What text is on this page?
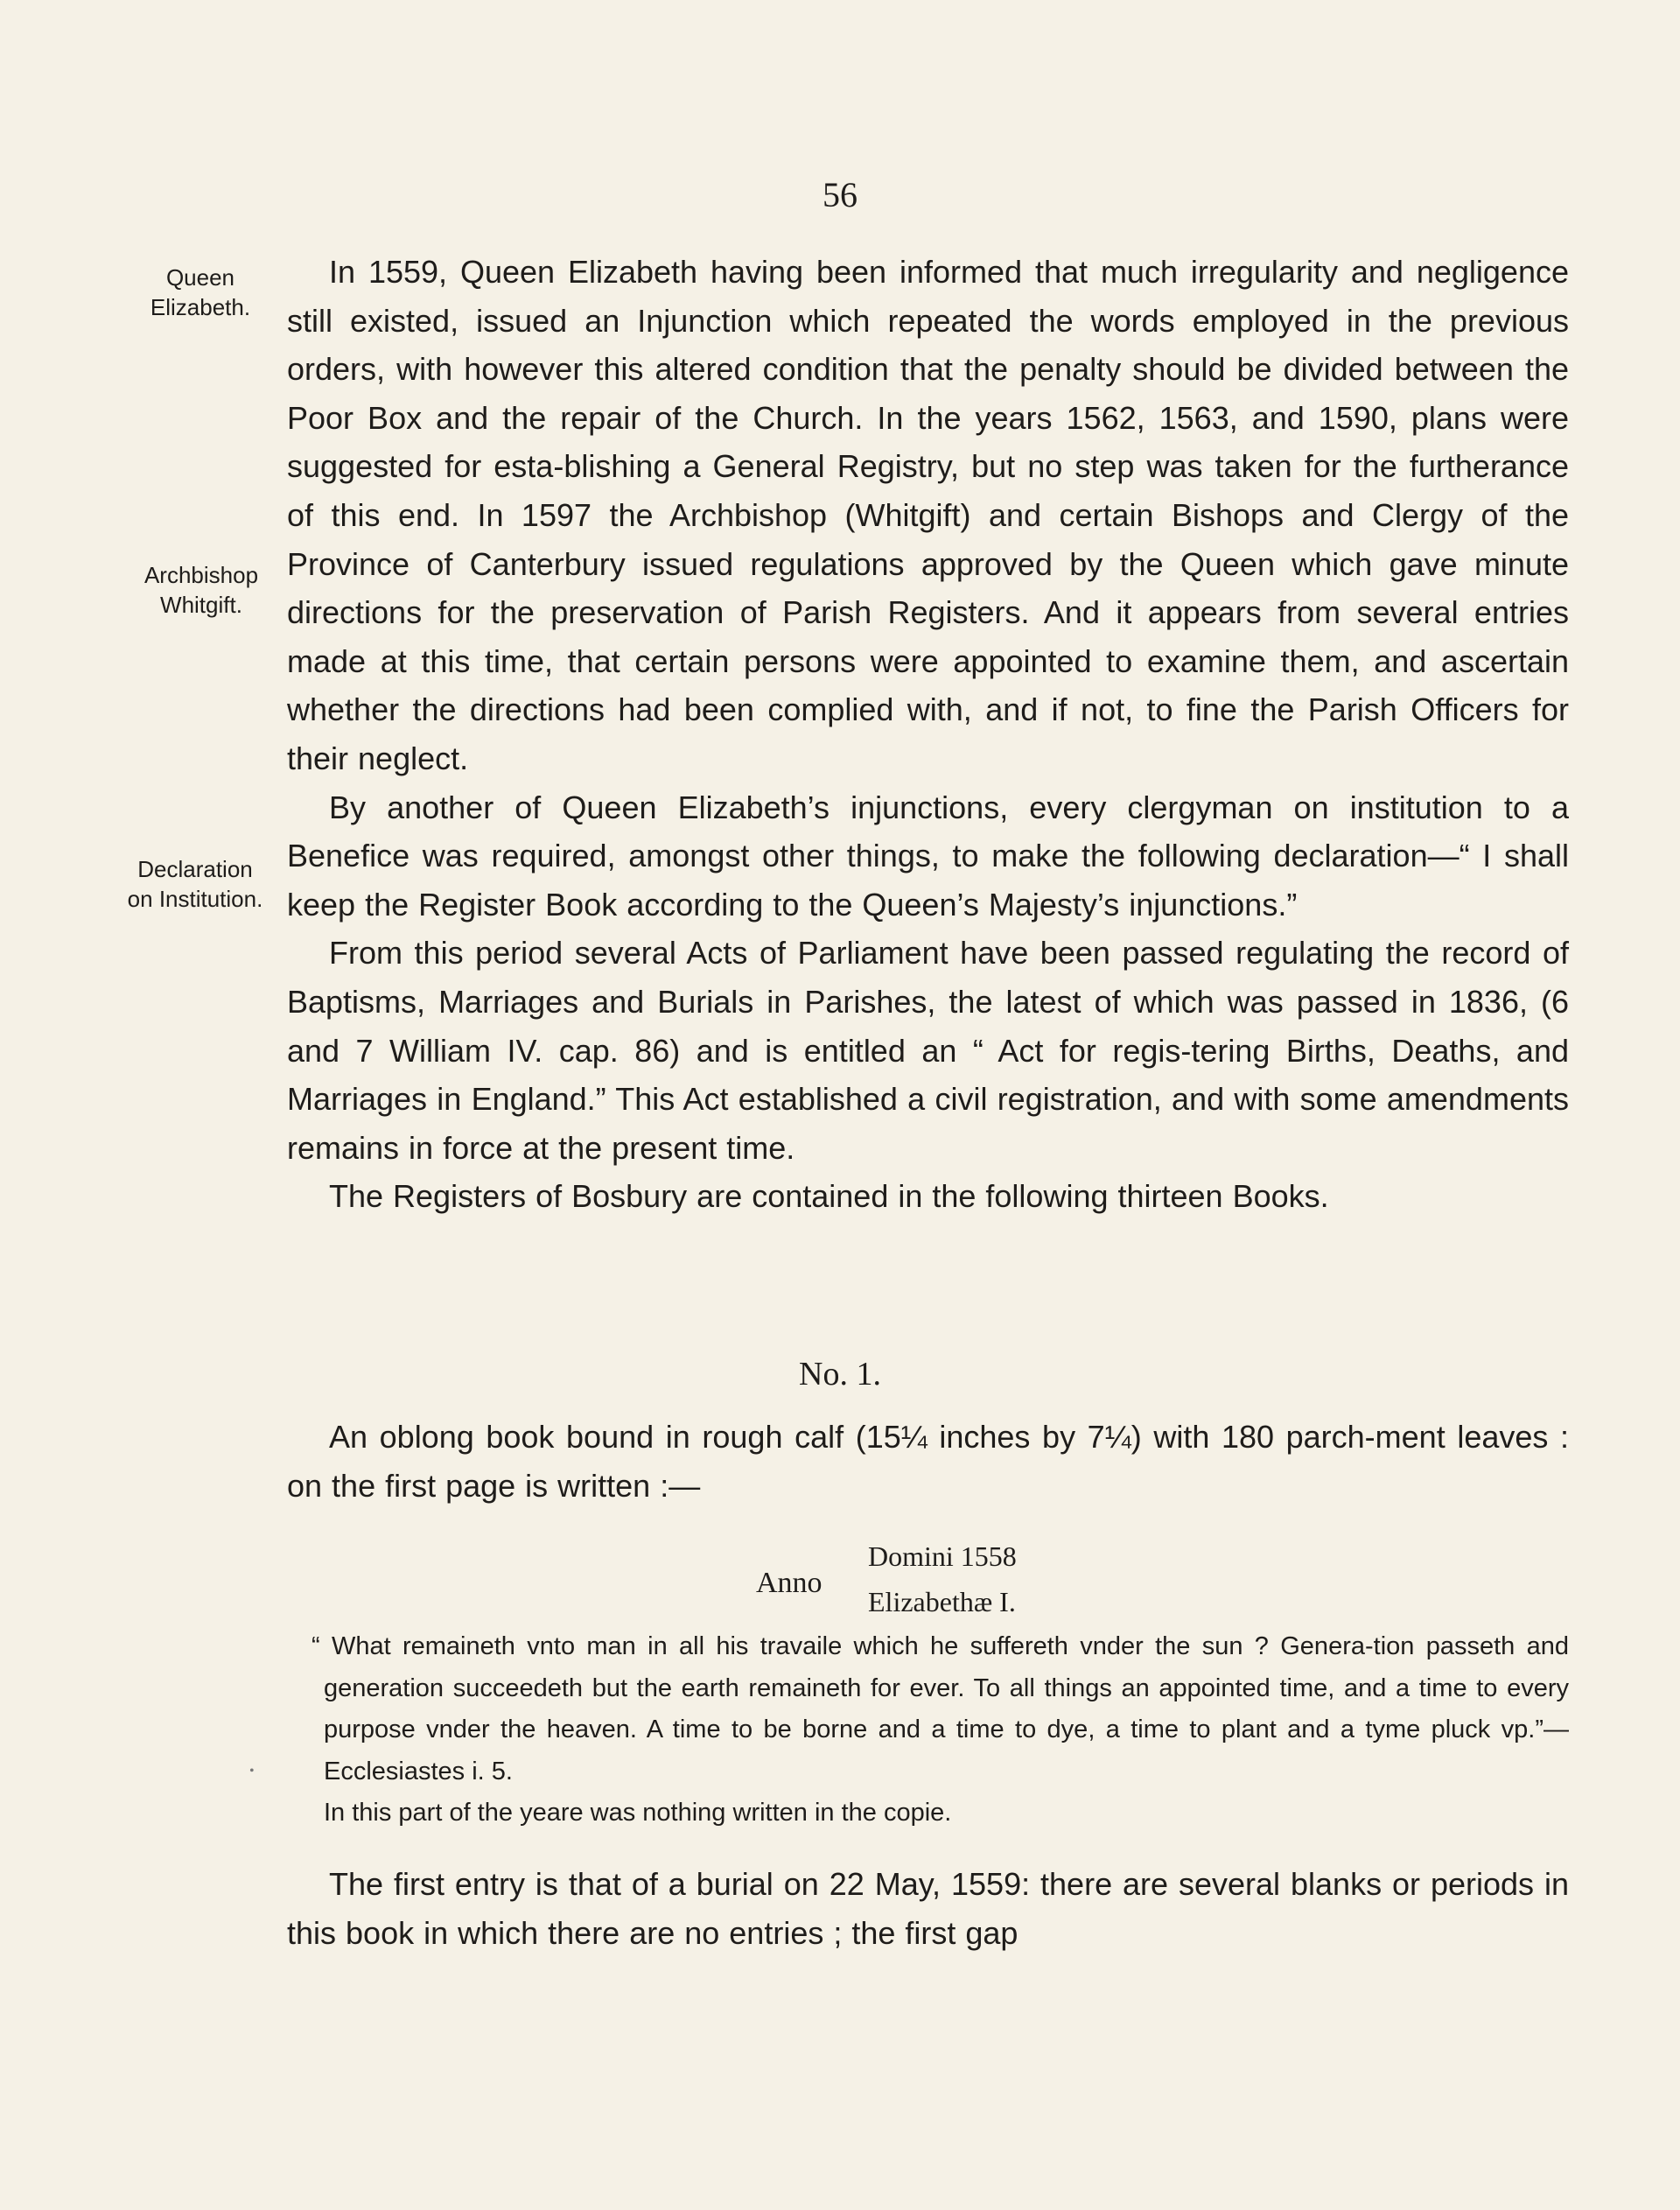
56
Queen
Elizabeth.
Archbishop
Whitgift.
Declaration
on Institution.

In 1559, Queen Elizabeth having been informed that much irregularity and negligence still existed, issued an Injunction which repeated the words employed in the previous orders, with however this altered condition that the penalty should be divided between the Poor Box and the repair of the Church. In the years 1562, 1563, and 1590, plans were suggested for esta-blishing a General Registry, but no step was taken for the furtherance of this end. In 1597 the Archbishop (Whitgift) and certain Bishops and Clergy of the Province of Canterbury issued regulations approved by the Queen which gave minute directions for the preservation of Parish Registers. And it appears from several entries made at this time, that certain persons were appointed to examine them, and ascertain whether the directions had been complied with, and if not, to fine the Parish Officers for their neglect.

By another of Queen Elizabeth’s injunctions, every clergyman on institution to a Benefice was required, amongst other things, to make the following declaration—“ I shall keep the Register Book according to the Queen’s Majesty’s injunctions.”

From this period several Acts of Parliament have been passed regulating the record of Baptisms, Marriages and Burials in Parishes, the latest of which was passed in 1836, (6 and 7 William IV. cap. 86) and is entitled an “ Act for regis-tering Births, Deaths, and Marriages in England.” This Act established a civil registration, and with some amendments remains in force at the present time.

The Registers of Bosbury are contained in the following thirteen Books.

No. 1.

An oblong book bound in rough calf (15¼ inches by 7¼) with 180 parch-ment leaves : on the first page is written :—

Anno
Domini 1558
Elizabethæ I.

“ What remaineth vnto man in all his travaile which he suffereth vnder the sun ? Genera-tion passeth and generation succeedeth but the earth remaineth for ever. To all things an appointed time, and a time to every purpose vnder the heaven. A time to be borne and a time to dye, a time to plant and a tyme pluck vp.”—Ecclesiastes i. 5.

In this part of the yeare was nothing written in the copie.

•

The first entry is that of a burial on 22 May, 1559: there are several blanks or periods in this book in which there are no entries ; the first gap
